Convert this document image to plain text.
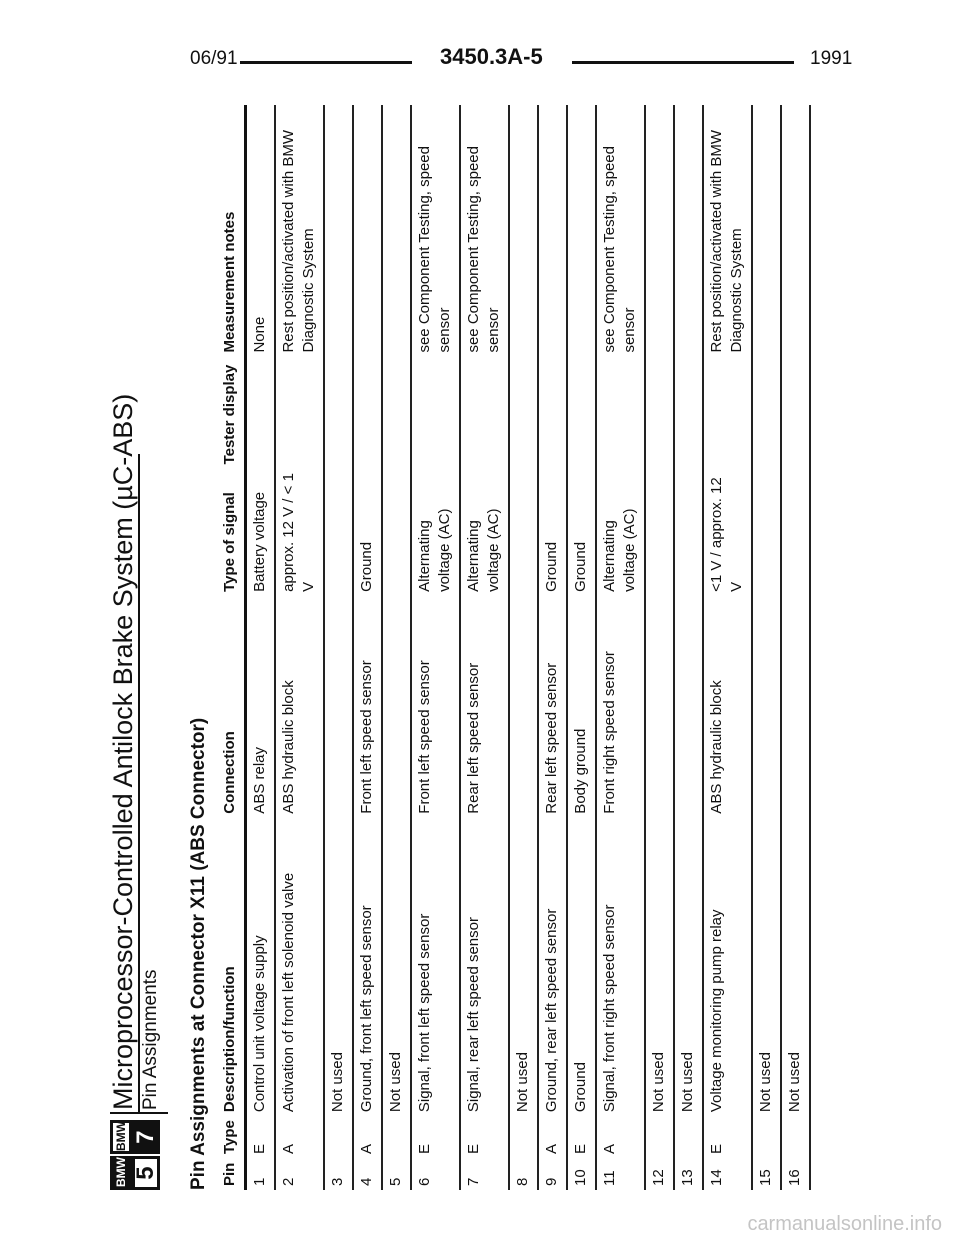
06/91	3450.3A-5	1991
BMW
BMW
5
7
Microprocessor-Controlled Antilock Brake System (µC-ABS) Pin Assignments Pin Assignments at Connector X11 (ABS Connector) Pin	Type	Description/function	Connection	Type of signal	Tester display	Measurement notes
1	E	Control unit voltage supply	ABS relay	Battery voltage		None
2	A	Activation of front left solenoid valve	ABS hydraulic block	approx. 12 V / < 1 V		Rest position/activated with BMW Diagnostic System
3		Not used				
4	A	Ground, front left speed sensor	Front left speed sensor	Ground		
5		Not used				
6	E	Signal, front left speed sensor	Front left speed sensor	Alternating voltage (AC)		see Component Testing, speed sensor
7	E	Signal, rear left speed sensor	Rear left speed sensor	Alternating voltage (AC)		see Component Testing, speed sensor
8		Not used				
9	A	Ground, rear left speed sensor	Rear left speed sensor	Ground		
10	E	Ground	Body ground	Ground		
11	A	Signal, front right speed sensor	Front right speed sensor	Alternating voltage (AC)		see Component Testing, speed sensor
12		Not used				
13		Not used				
14	E	Voltage monitoring pump relay	ABS hydraulic block	<1 V / approx. 12 V		Rest position/activated with BMW Diagnostic System
15		Not used				
16		Not used				
carmanualsonline.info
